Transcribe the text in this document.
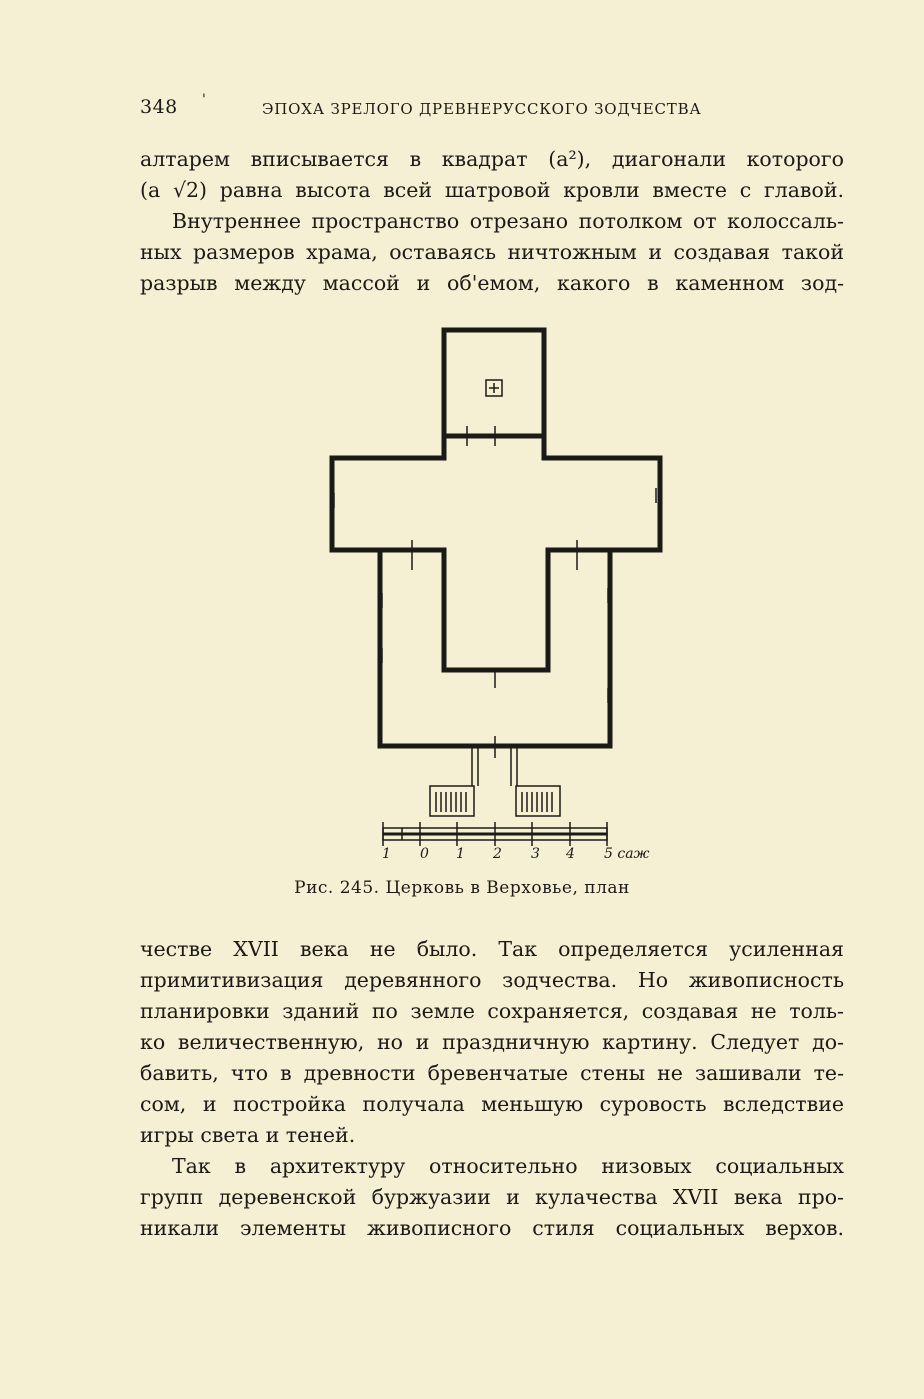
348 '	ЭПОХА ЗРЕЛОГО ДРЕВНЕРУССКОГО ЗОДЧЕСТВА
алтарем вписывается в квадрат (a²), диагонали которого
(a √2) равна высота всей шатровой кровли вместе с главой.
Внутреннее пространство отрезано потолком от колоссаль-
ных размеров храма, оставаясь ничтожным и создавая такой
разрыв между массой и об'емом, какого в каменном зод-
1 0 1 2 3 4 5 саж
Рис. 245. Церковь в Верховье, план
честве XVII века не было. Так определяется усиленная
примитивизация деревянного зодчества. Но живописность
планировки зданий по земле сохраняется, создавая не толь-
ко величественную, но и праздничную картину. Следует до-
бавить, что в древности бревенчатые стены не зашивали те-
сом, и постройка получала меньшую суровость вследствие
игры света и теней.
Так в архитектуру относительно низовых социальных
групп деревенской буржуазии и кулачества XVII века про-
никали элементы живописного стиля социальных верхов.
